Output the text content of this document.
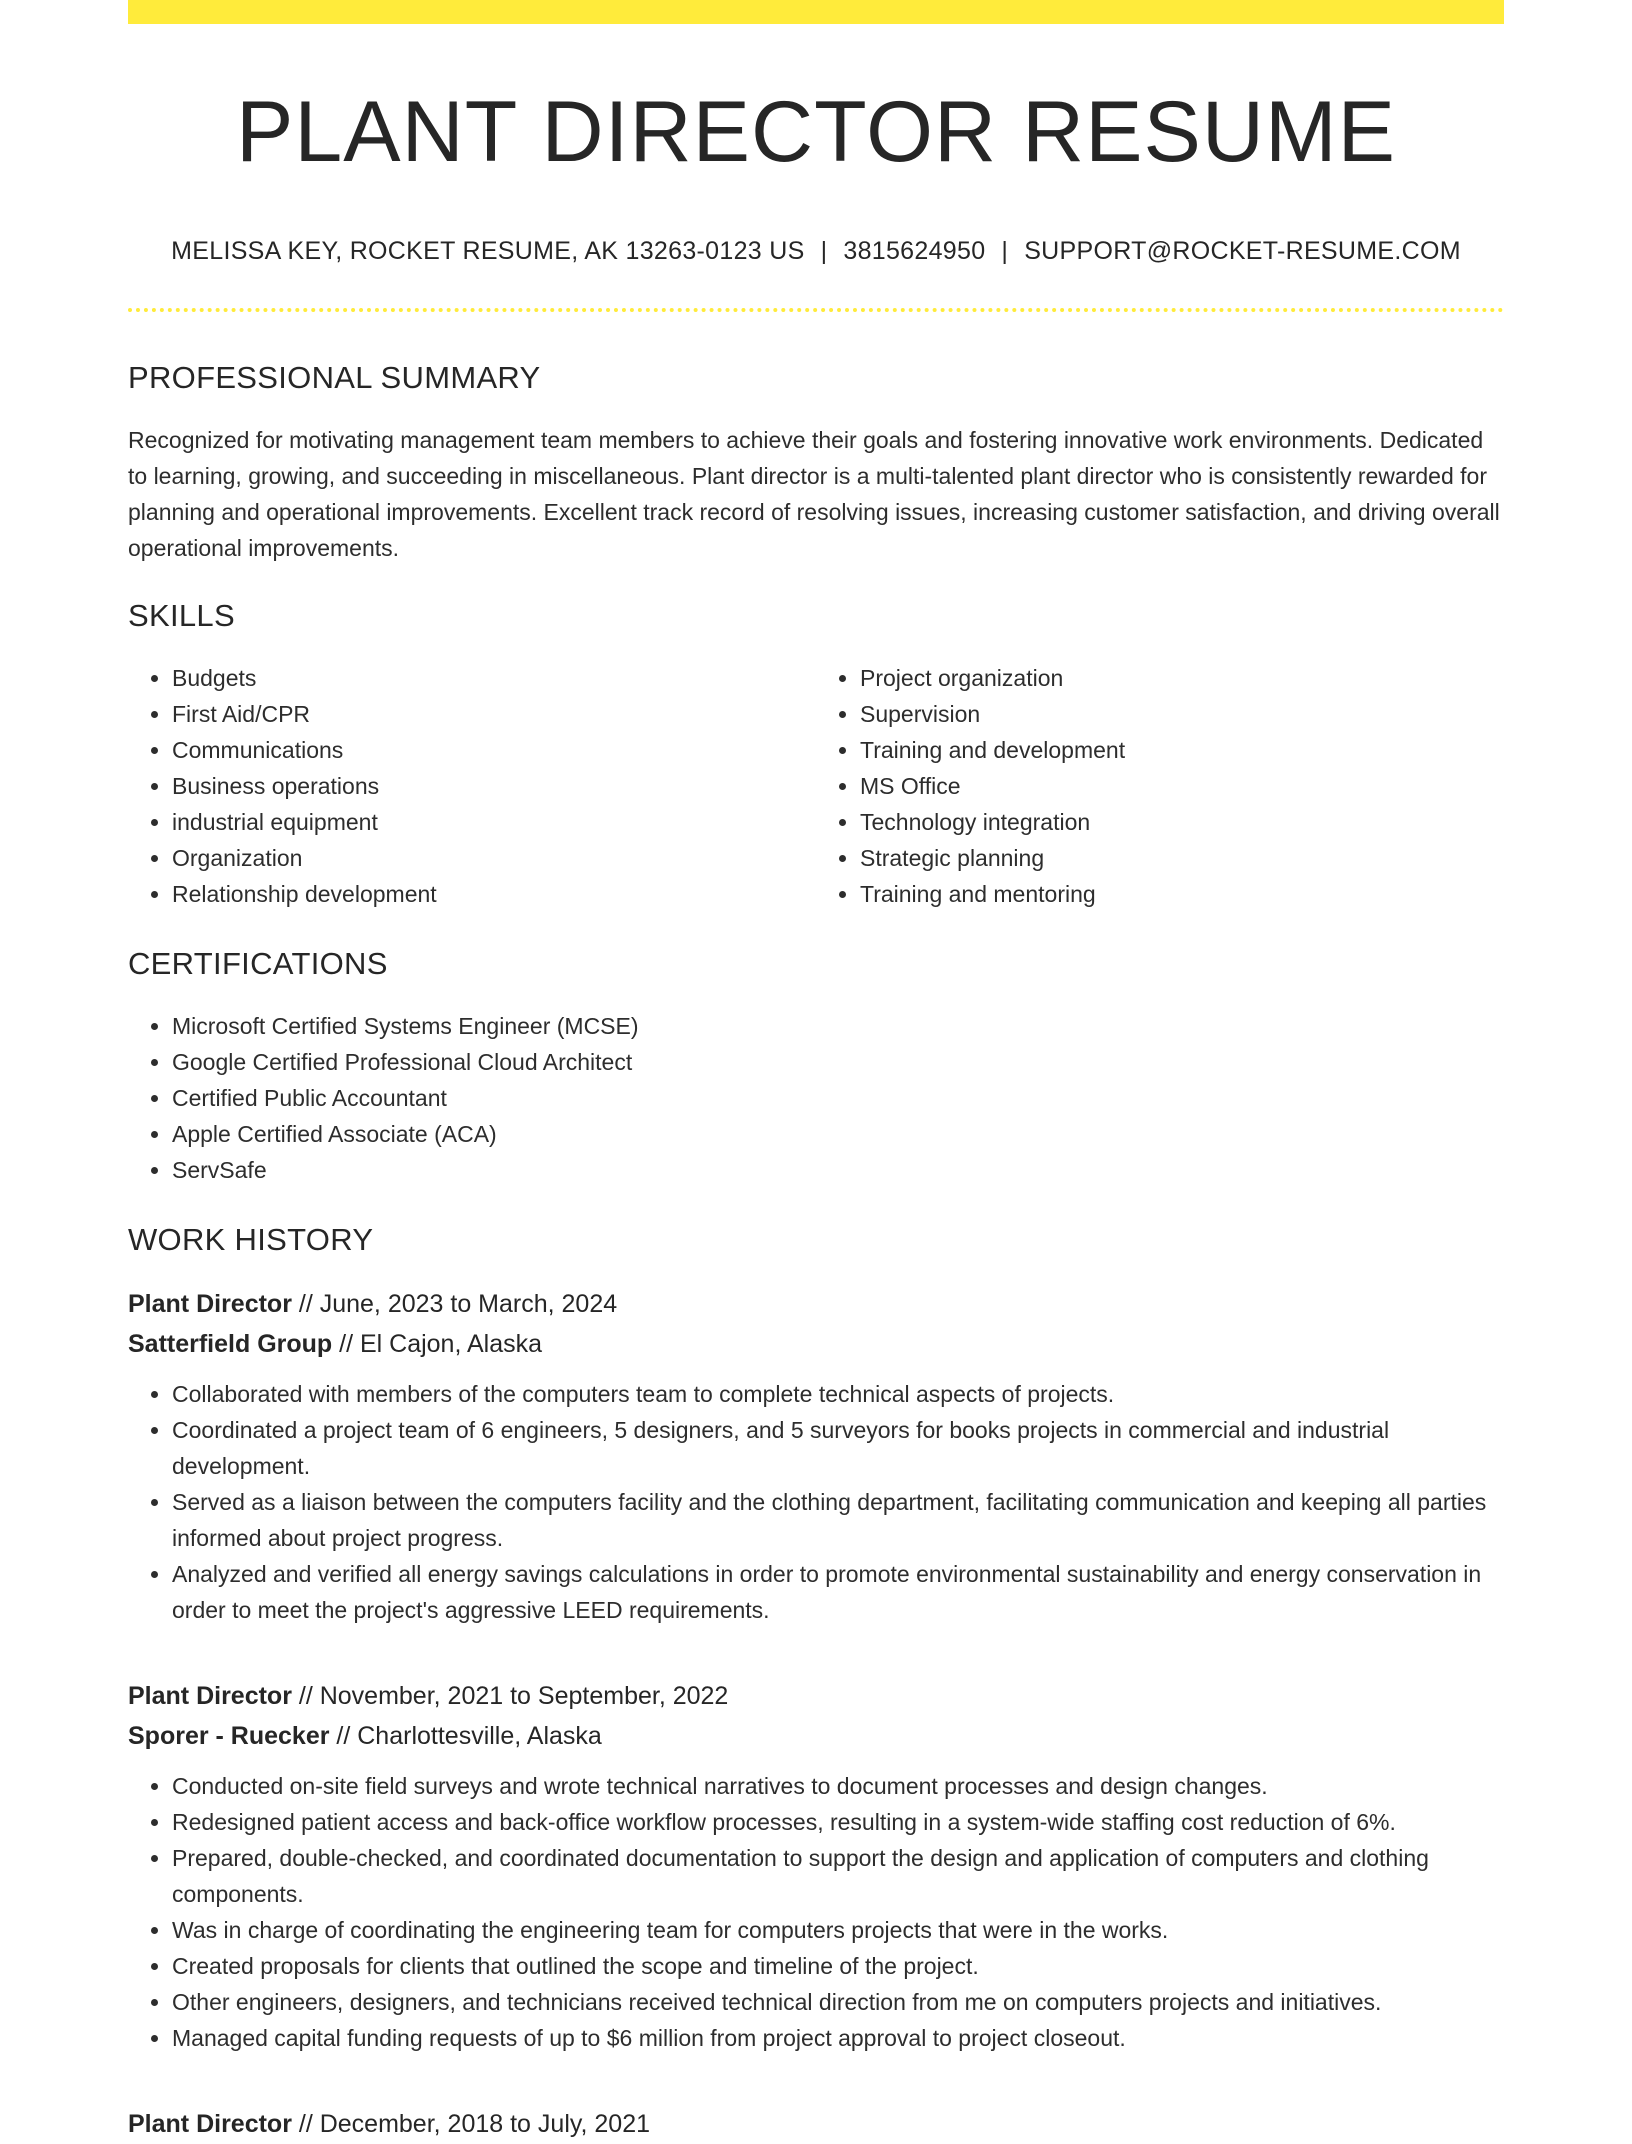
PLANT DIRECTOR RESUME
MELISSA KEY, ROCKET RESUME, AK 13263-0123 US | 3815624950 | SUPPORT@ROCKET-RESUME.COM
PROFESSIONAL SUMMARY

Recognized for motivating management team members to achieve their goals and fostering innovative work environments. Dedicated to learning, growing, and succeeding in miscellaneous. Plant director is a multi-talented plant director who is consistently rewarded for planning and operational improvements. Excellent track record of resolving issues, increasing customer satisfaction, and driving overall operational improvements.

SKILLS
• Budgets
• First Aid/CPR
• Communications
• Business operations
• industrial equipment
• Organization
• Relationship development
• Project organization
• Supervision
• Training and development
• MS Office
• Technology integration
• Strategic planning
• Training and mentoring
CERTIFICATIONS
• Microsoft Certified Systems Engineer (MCSE)
• Google Certified Professional Cloud Architect
• Certified Public Accountant
• Apple Certified Associate (ACA)
• ServSafe
WORK HISTORY
Plant Director // June, 2023 to March, 2024
Satterfield Group // El Cajon, Alaska
• Collaborated with members of the computers team to complete technical aspects of projects.
• Coordinated a project team of 6 engineers, 5 designers, and 5 surveyors for books projects in commercial and industrial development.
• Served as a liaison between the computers facility and the clothing department, facilitating communication and keeping all parties informed about project progress.
• Analyzed and verified all energy savings calculations in order to promote environmental sustainability and energy conservation in order to meet the project's aggressive LEED requirements.
Plant Director // November, 2021 to September, 2022
Sporer - Ruecker // Charlottesville, Alaska
• Conducted on-site field surveys and wrote technical narratives to document processes and design changes.
• Redesigned patient access and back-office workflow processes, resulting in a system-wide staffing cost reduction of 6%.
• Prepared, double-checked, and coordinated documentation to support the design and application of computers and clothing components.
• Was in charge of coordinating the engineering team for computers projects that were in the works.
• Created proposals for clients that outlined the scope and timeline of the project.
• Other engineers, designers, and technicians received technical direction from me on computers projects and initiatives.
• Managed capital funding requests of up to $6 million from project approval to project closeout.
Plant Director // December, 2018 to July, 2021
